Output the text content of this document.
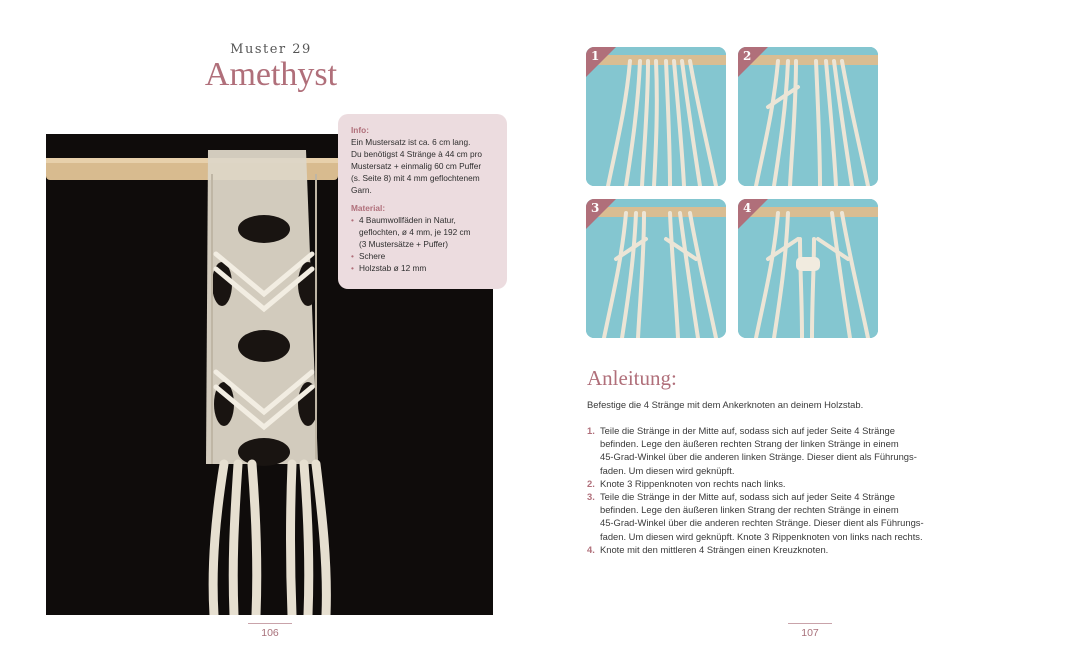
Muster 29
Amethyst
Info:
Ein Mustersatz ist ca. 6 cm lang.
Du benötigst 4 Stränge à 44 cm pro
Mustersatz + einmalig 60 cm Puffer
(s. Seite 8) mit 4 mm geflochtenem
Garn.
Material:
• 4 Baumwollfäden in Natur,
geflochten, ø 4 mm, je 192 cm
(3 Mustersätze + Puffer)
• Schere
• Holzstab ø 12 mm
106
1	2
3	4
Anleitung:
Befestige die 4 Stränge mit dem Ankerknoten an deinem Holzstab.
1. Teile die Stränge in der Mitte auf, sodass sich auf jeder Seite 4 Stränge
befinden. Lege den äußeren rechten Strang der linken Stränge in einem
45-Grad-Winkel über die anderen linken Stränge. Dieser dient als Führungs-
faden. Um diesen wird geknüpft.
2. Knote 3 Rippenknoten von rechts nach links.
3. Teile die Stränge in der Mitte auf, sodass sich auf jeder Seite 4 Stränge
befinden. Lege den äußeren linken Strang der rechten Stränge in einem
45-Grad-Winkel über die anderen rechten Stränge. Dieser dient als Führungs-
faden. Um diesen wird geknüpft. Knote 3 Rippenknoten von links nach rechts.
4. Knote mit den mittleren 4 Strängen einen Kreuzknoten.
107
